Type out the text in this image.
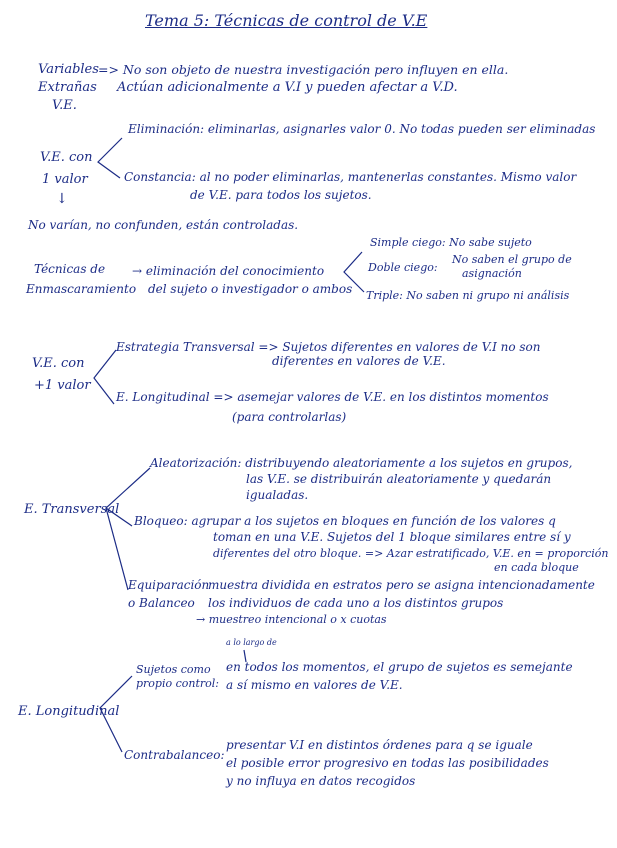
Tema 5: Técnicas de control de V.E
Variables
Extrañas
V.E.
=> No son objeto de nuestra investigación pero influyen en ella.
Actúan adicionalmente a V.I y pueden afectar a V.D.
V.E. con
1 valor
↓
Eliminación: eliminarlas, asignarles valor 0. No todas pueden ser eliminadas
Constancia: al no poder eliminarlas, mantenerlas constantes. Mismo valor
de V.E. para todos los sujetos.
No varían, no confunden, están controladas.
Técnicas de
Enmascaramiento
→ eliminación del conocimiento
del sujeto o investigador o ambos
Simple ciego: No sabe sujeto
Doble ciego:
No saben el grupo de
asignación
Triple: No saben ni grupo ni análisis
V.E. con
+1 valor
Estrategia Transversal => Sujetos diferentes en valores de V.I no son
diferentes en valores de V.E.
E. Longitudinal => asemejar valores de V.E. en los distintos momentos
(para controlarlas)
E. Transversal
Aleatorización: distribuyendo aleatoriamente a los sujetos en grupos,
las V.E. se distribuirán aleatoriamente y quedarán
igualadas.
Bloqueo: agrupar a los sujetos en bloques en función de los valores q
toman en una V.E. Sujetos del 1 bloque similares entre sí y
diferentes del otro bloque. => Azar estratificado, V.E. en = proporción
en cada bloque
Equiparación
o Balanceo
muestra dividida en estratos pero se asigna intencionadamente
los individuos de cada uno a los distintos grupos
→ muestreo intencional o x cuotas
E. Longitudinal
a lo largo de
Sujetos como
propio control:
en todos los momentos, el grupo de sujetos es semejante
a sí mismo en valores de V.E.
Contrabalanceo:
presentar V.I en distintos órdenes para q se iguale
el posible error progresivo en todas las posibilidades
y no influya en datos recogidos
